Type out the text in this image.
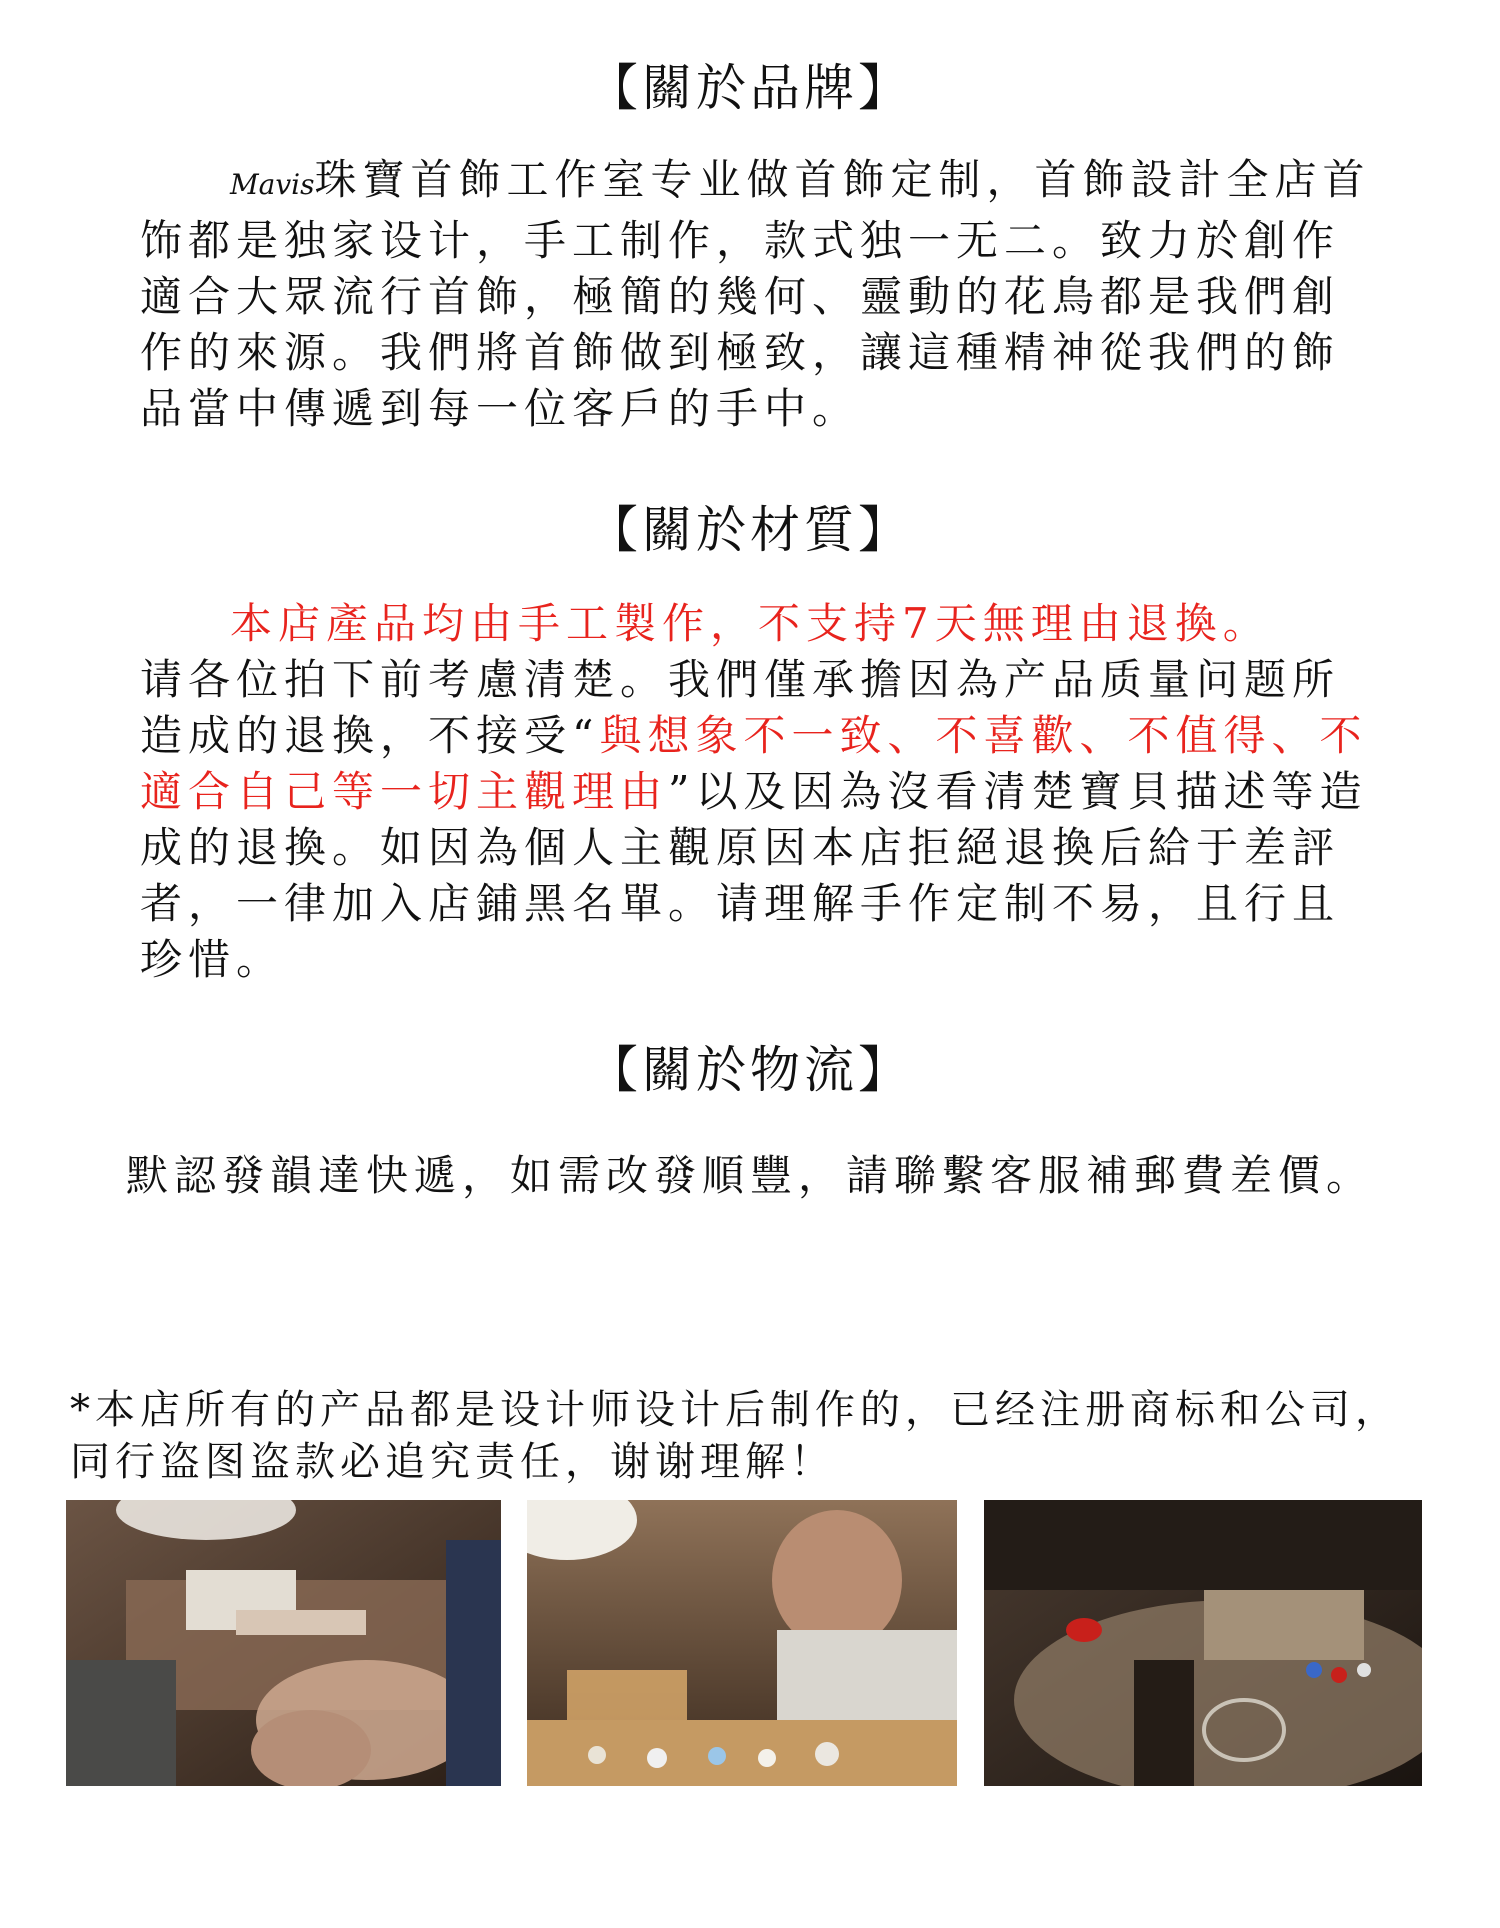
【關於品牌】
Mavis珠寶首飾工作室专业做首飾定制，首飾設計全店首饰都是独家设计，手工制作，款式独一无二。致力於創作適合大眾流行首飾，極簡的幾何、靈動的花鳥都是我們創作的來源。我們將首飾做到極致，讓這種精神從我們的飾品當中傳遞到每一位客戶的手中。
【關於材質】
本店產品均由手工製作，不支持7天無理由退換。
请各位拍下前考慮清楚。我們僅承擔因為产品质量问题所造成的退換，不接受“與想象不一致、不喜歡、不值得、不適合自己等一切主觀理由”以及因為沒看清楚寶貝描述等造成的退換。如因為個人主觀原因本店拒絕退換后給于差評者，一律加入店鋪黑名單。请理解手作定制不易，且行且珍惜。
【關於物流】
默認發韻達快遞，如需改發順豐，請聯繫客服補郵費差價。
*本店所有的产品都是设计师设计后制作的，已经注册商标和公司，同行盗图盗款必追究责任，谢谢理解！
